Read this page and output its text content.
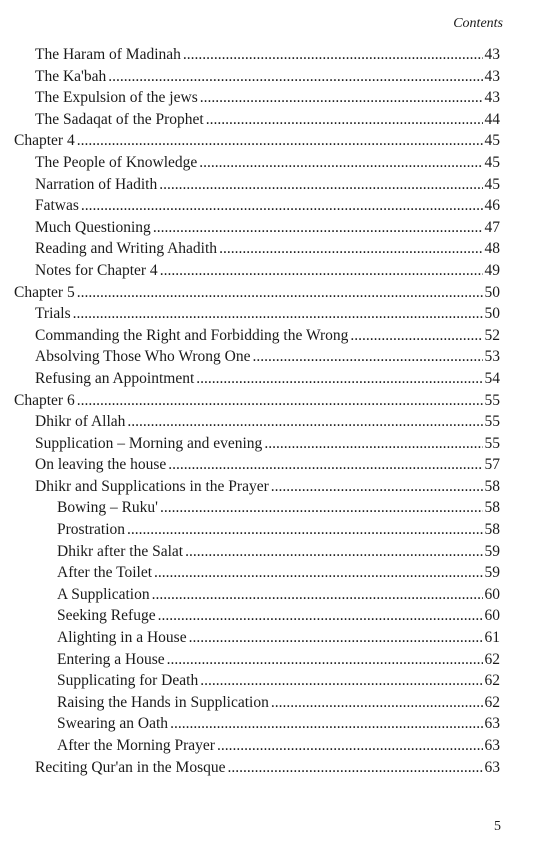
Contents
The Haram of Madinah .....	43
The Ka'bah .....	43
The Expulsion of the jews .....	43
The Sadaqat of the Prophet .....	44
Chapter 4 .....	45
The People of Knowledge .....	45
Narration of Hadith .....	45
Fatwas .....	46
Much Questioning .....	47
Reading and Writing Ahadith .....	48
Notes for Chapter 4 .....	49
Chapter 5 .....	50
Trials .....	50
Commanding the Right and Forbidding the Wrong .....	52
Absolving Those Who Wrong One .....	53
Refusing an Appointment .....	54
Chapter 6 .....	55
Dhikr of Allah .....	55
Supplication – Morning and evening .....	55
On leaving the house .....	57
Dhikr and Supplications in the Prayer .....	58
Bowing – Ruku' .....	58
Prostration .....	58
Dhikr after the Salat .....	59
After the Toilet .....	59
A Supplication .....	60
Seeking Refuge .....	60
Alighting in a House .....	61
Entering a House .....	62
Supplicating for Death .....	62
Raising the Hands in Supplication .....	62
Swearing an Oath .....	63
After the Morning Prayer .....	63
Reciting Qur'an in the Mosque .....	63
5
